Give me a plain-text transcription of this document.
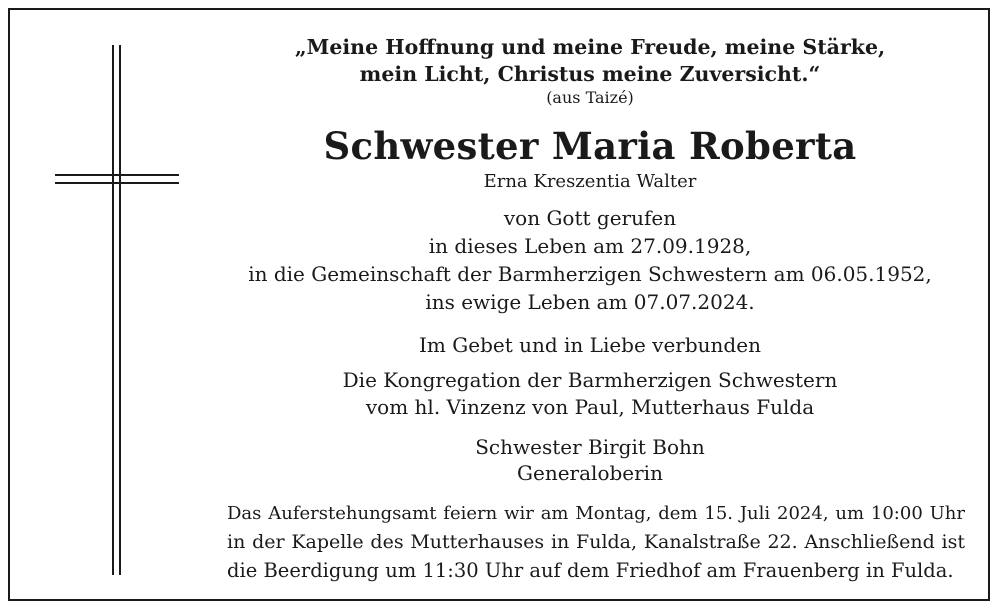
„Meine Hoffnung und meine Freude, meine Stärke,
mein Licht, Christus meine Zuversicht.“
(aus Taizé)
Schwester Maria Roberta
Erna Kreszentia Walter
von Gott gerufen
in dieses Leben am 27.09.1928,
in die Gemeinschaft der Barmherzigen Schwestern am 06.05.1952,
ins ewige Leben am 07.07.2024.
Im Gebet und in Liebe verbunden
Die Kongregation der Barmherzigen Schwestern
vom hl. Vinzenz von Paul, Mutterhaus Fulda
Schwester Birgit Bohn
Generaloberin
Das Auferstehungsamt feiern wir am Montag, dem 15. Juli 2024, um 10:00 Uhr
in der Kapelle des Mutterhauses in Fulda, Kanalstraße 22. Anschließend ist
die Beerdigung um 11:30 Uhr auf dem Friedhof am Frauenberg in Fulda.
